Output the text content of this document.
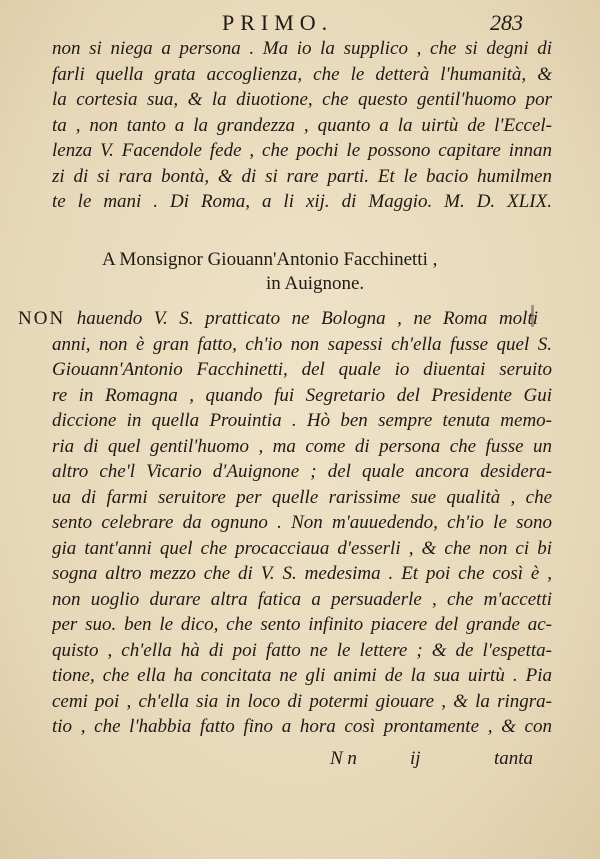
PRIMO.	283
non si niega a persona . Ma io la supplico , che si degni di
farli quella grata accoglienza, che le detterà l'humanità, &
la cortesia sua, & la diuotione, che questo gentil'huomo por
ta , non tanto a la grandezza , quanto a la uirtù de l'Eccel-
lenza V. Facendole fede , che pochi le possono capitare innan
zi di si rara bontà, & di si rare parti. Et le bacio humilmen
te le mani . Di Roma, a li xij. di Maggio. M. D. XLIX.
A Monsignor Giouann'Antonio Facchinetti ,
in Auignone.
NON hauendo V. S. pratticato ne Bologna , ne Roma molti
anni, non è gran fatto, ch'io non sapessi ch'ella fusse quel S.
Giouann'Antonio Facchinetti, del quale io diuentai seruito
re in Romagna , quando fui Segretario del Presidente Gui
diccione in quella Prouintia . Hò ben sempre tenuta memo-
ria di quel gentil'huomo , ma come di persona che fusse un
altro che'l Vicario d'Auignone ; del quale ancora desidera-
ua di farmi seruitore per quelle rarissime sue qualità , che
sento celebrare da ognuno . Non m'auuedendo, ch'io le sono
gia tant'anni quel che procacciaua d'esserli , & che non ci bi
sogna altro mezzo che di V. S. medesima . Et poi che così è ,
non uoglio durare altra fatica a persuaderle , che m'accetti
per suo. ben le dico, che sento infinito piacere del grande ac-
quisto , ch'ella hà di poi fatto ne le lettere ; & de l'espetta-
tione, che ella ha concitata ne gli animi de la sua uirtù . Pia
cemi poi , ch'ella sia in loco di potermi giouare , & la ringra-
tio , che l'habbia fatto fino a hora così prontamente , & con
N n	ij	tanta
